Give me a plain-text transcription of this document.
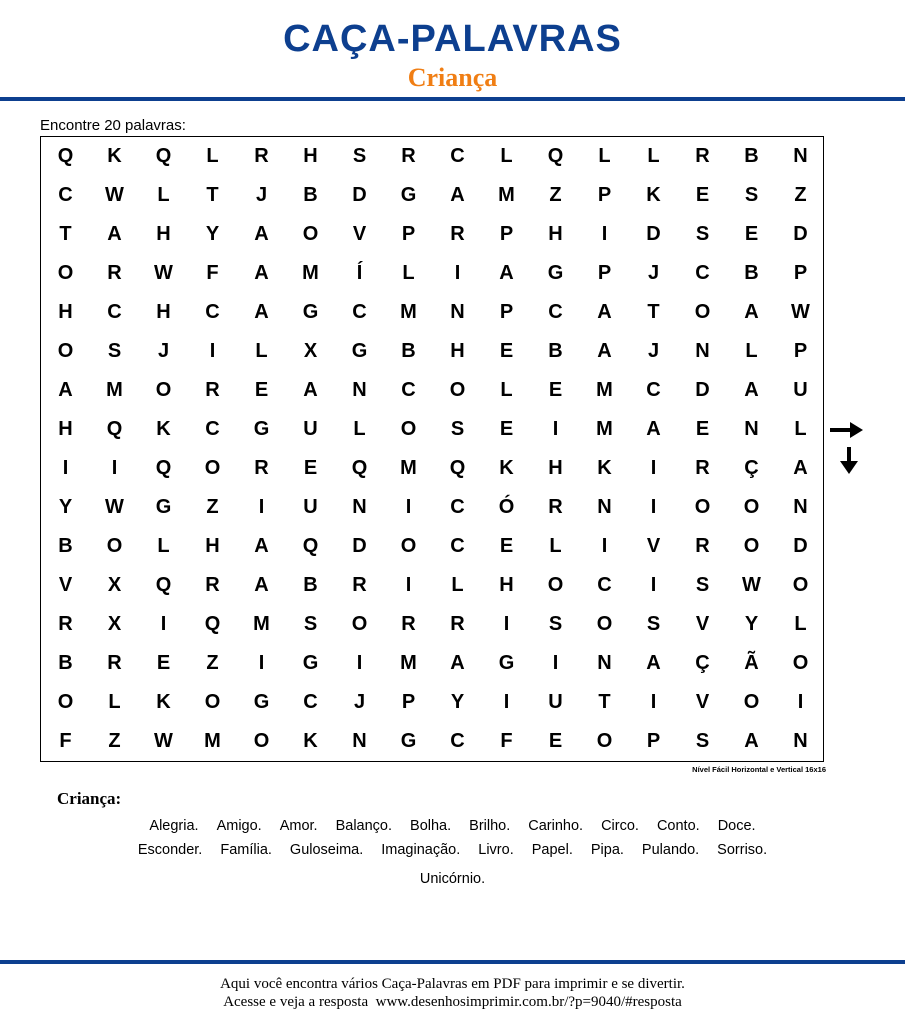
CAÇA-PALAVRAS
Criança
Encontre 20 palavras:
Q	K	Q	L	R	H	S	R	C	L	Q	L	L	R	B	N
C	W	L	T	J	B	D	G	A	M	Z	P	K	E	S	Z
T	A	H	Y	A	O	V	P	R	P	H	I	D	S	E	D
O	R	W	F	A	M	Í	L	I	A	G	P	J	C	B	P
H	C	H	C	A	G	C	M	N	P	C	A	T	O	A	W
O	S	J	I	L	X	G	B	H	E	B	A	J	N	L	P
A	M	O	R	E	A	N	C	O	L	E	M	C	D	A	U
H	Q	K	C	G	U	L	O	S	E	I	M	A	E	N	L
I	I	Q	O	R	E	Q	M	Q	K	H	K	I	R	Ç	A
Y	W	G	Z	I	U	N	I	C	Ó	R	N	I	O	O	N
B	O	L	H	A	Q	D	O	C	E	L	I	V	R	O	D
V	X	Q	R	A	B	R	I	L	H	O	C	I	S	W	O
R	X	I	Q	M	S	O	R	R	I	S	O	S	V	Y	L
B	R	E	Z	I	G	I	M	A	G	I	N	A	Ç	Ã	O
O	L	K	O	G	C	J	P	Y	I	U	T	I	V	O	I
F	Z	W	M	O	K	N	G	C	F	E	O	P	S	A	N
Nível Fácil Horizontal e Vertical 16x16
Criança:
Alegria. Amigo. Amor. Balanço. Bolha. Brilho. Carinho. Circo. Conto. Doce.
Esconder. Família. Guloseima. Imaginação. Livro. Papel. Pipa. Pulando. Sorriso.
Unicórnio.
Aqui você encontra vários Caça-Palavras em PDF para imprimir e se divertir.
Acesse e veja a resposta  www.desenhosimprimir.com.br/?p=9040/#resposta
